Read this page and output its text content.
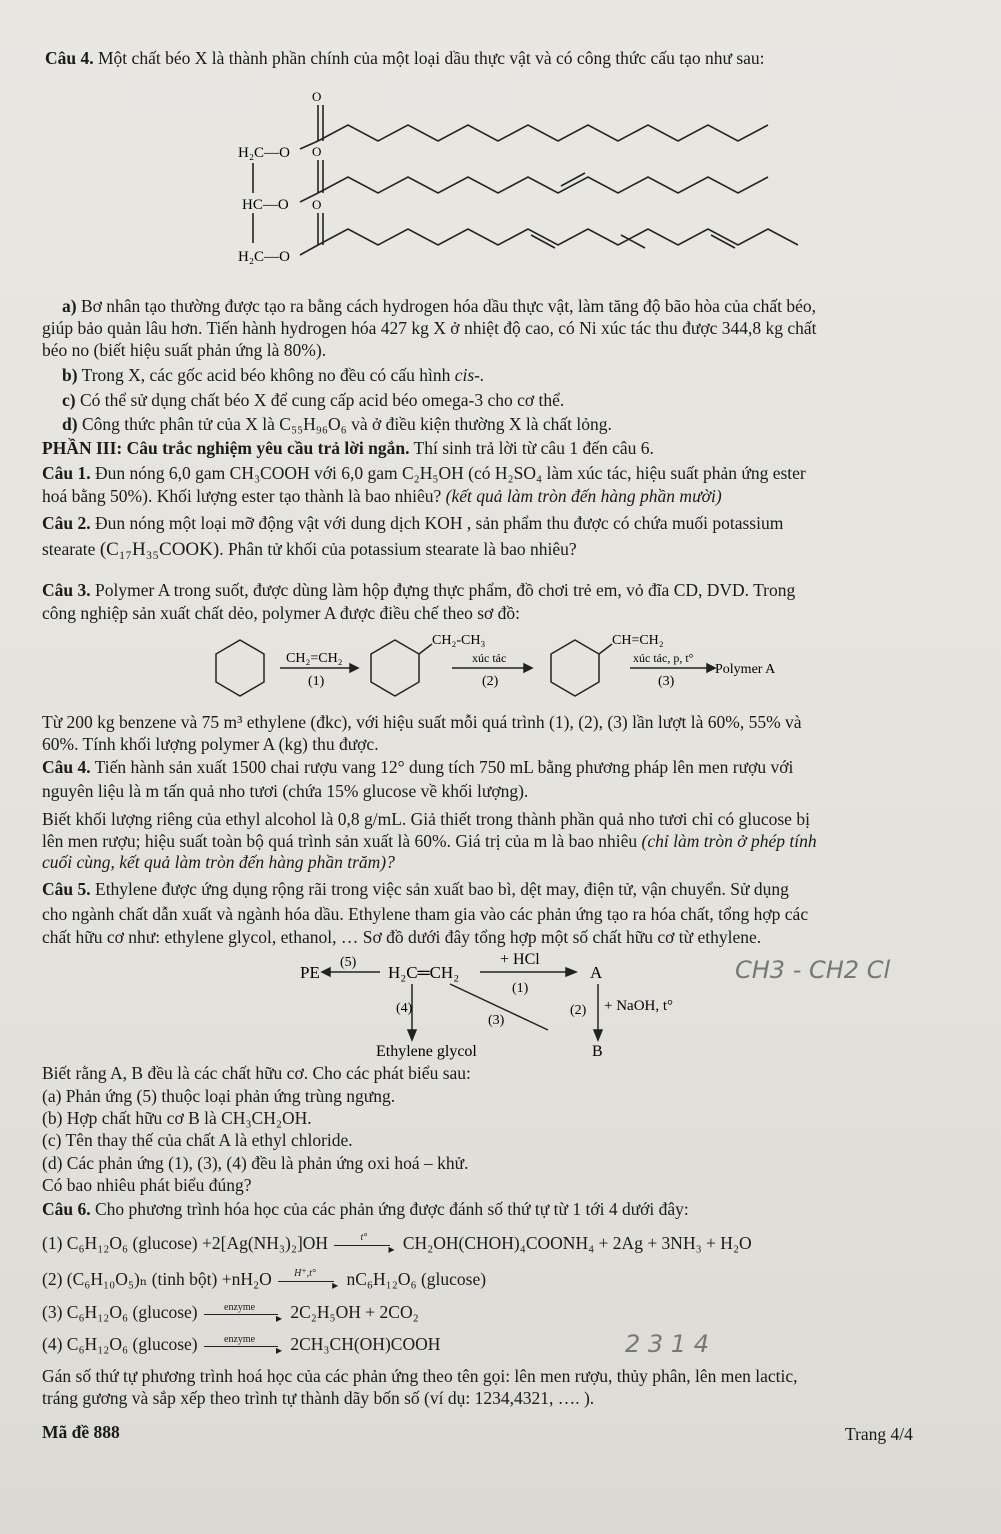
Câu 4. Một chất béo X là thành phần chính của một loại dầu thực vật và có công thức cấu tạo như sau:
O
O
O
H₂C—O
HC—O
H₂C—O
a) Bơ nhân tạo thường được tạo ra bằng cách hydrogen hóa dầu thực vật, làm tăng độ bão hòa của chất béo,
giúp bảo quản lâu hơn. Tiến hành hydrogen hóa 427 kg X ở nhiệt độ cao, có Ni xúc tác thu được 344,8 kg chất
béo no (biết hiệu suất phản ứng là 80%).
b) Trong X, các gốc acid béo không no đều có cấu hình cis-.
c) Có thể sử dụng chất béo X để cung cấp acid béo omega-3 cho cơ thể.
d) Công thức phân tử của X là C₅₅H₉₆O₆ và ở điều kiện thường X là chất lỏng.
PHẦN III: Câu trắc nghiệm yêu cầu trả lời ngắn. Thí sinh trả lời từ câu 1 đến câu 6.
Câu 1. Đun nóng 6,0 gam CH₃COOH với 6,0 gam C₂H₅OH (có H₂SO₄ làm xúc tác, hiệu suất phản ứng ester
hoá bằng 50%). Khối lượng ester tạo thành là bao nhiêu? (kết quả làm tròn đến hàng phần mười)
Câu 2. Đun nóng một loại mỡ động vật với dung dịch KOH , sản phẩm thu được có chứa muối potassium
stearate (C₁₇H₃₅COOK). Phân tử khối của potassium stearate là bao nhiêu?
Câu 3. Polymer A trong suốt, được dùng làm hộp đựng thực phẩm, đồ chơi trẻ em, vỏ đĩa CD, DVD. Trong
công nghiệp sản xuất chất dẻo, polymer A được điều chế theo sơ đồ:
CH₂=CH₂
(1)
CH₂-CH₃
xúc tác
(2)
CH=CH₂
xúc tác, p, t°
(3)
Polymer A
Từ 200 kg benzene và 75 m³ ethylene (đkc), với hiệu suất mỗi quá trình (1), (2), (3) lần lượt là 60%, 55% và
60%. Tính khối lượng polymer A (kg) thu được.
Câu 4. Tiến hành sản xuất 1500 chai rượu vang 12° dung tích 750 mL bằng phương pháp lên men rượu với
nguyên liệu là m tấn quả nho tươi (chứa 15% glucose về khối lượng).
Biết khối lượng riêng của ethyl alcohol là 0,8 g/mL. Giả thiết trong thành phần quả nho tươi chỉ có glucose bị
lên men rượu; hiệu suất toàn bộ quá trình sản xuất là 60%. Giá trị của m là bao nhiêu (chỉ làm tròn ở phép tính
cuối cùng, kết quả làm tròn đến hàng phần trăm)?
Câu 5. Ethylene được ứng dụng rộng rãi trong việc sản xuất bao bì, dệt may, điện tử, vận chuyển. Sử dụng
cho ngành chất dẫn xuất và ngành hóa dầu. Ethylene tham gia vào các phản ứng tạo ra hóa chất, tổng hợp các
chất hữu cơ như: ethylene glycol, ethanol, … Sơ đồ dưới đây tổng hợp một số chất hữu cơ từ ethylene.
PE
(5)
H₂C═CH₂
+ HCl
(1)
A
(4)
(3)
(2) + NaOH, t°
Ethylene glycol	B
CH3 - CH2 Cl
Biết rằng A, B đều là các chất hữu cơ. Cho các phát biểu sau:
(a) Phản ứng (5) thuộc loại phản ứng trùng ngưng.
(b) Hợp chất hữu cơ B là CH₃CH₂OH.
(c) Tên thay thế của chất A là ethyl chloride.
(d) Các phản ứng (1), (3), (4) đều là phản ứng oxi hoá – khử.
Có bao nhiêu phát biểu đúng?
Câu 6. Cho phương trình hóa học của các phản ứng được đánh số thứ tự từ 1 tới 4 dưới đây:
(1) C₆H₁₂O₆ (glucose) +2[Ag(NH₃)₂]OH	t°
▸ CH₂OH(CHOH)₄COONH₄ + 2Ag + 3NH₃ + H₂O
(2) (C₆H₁₀O₅)ₙ (tinh bột) +nH₂O H⁺,t°
▸ nC₆H₁₂O₆ (glucose)
(3) C₆H₁₂O₆ (glucose)	enzyme
▸ 2C₂H₅OH + 2CO₂
(4) C₆H₁₂O₆ (glucose)	enzyme
▸ 2CH₃CH(OH)COOH	2 3 1 4
Gán số thứ tự phương trình hoá học của các phản ứng theo tên gọi: lên men rượu, thủy phân, lên men lactic,
tráng gương và sắp xếp theo trình tự thành dãy bốn số (ví dụ: 1234,4321, …. ).
Mã đề 888	Trang 4/4
